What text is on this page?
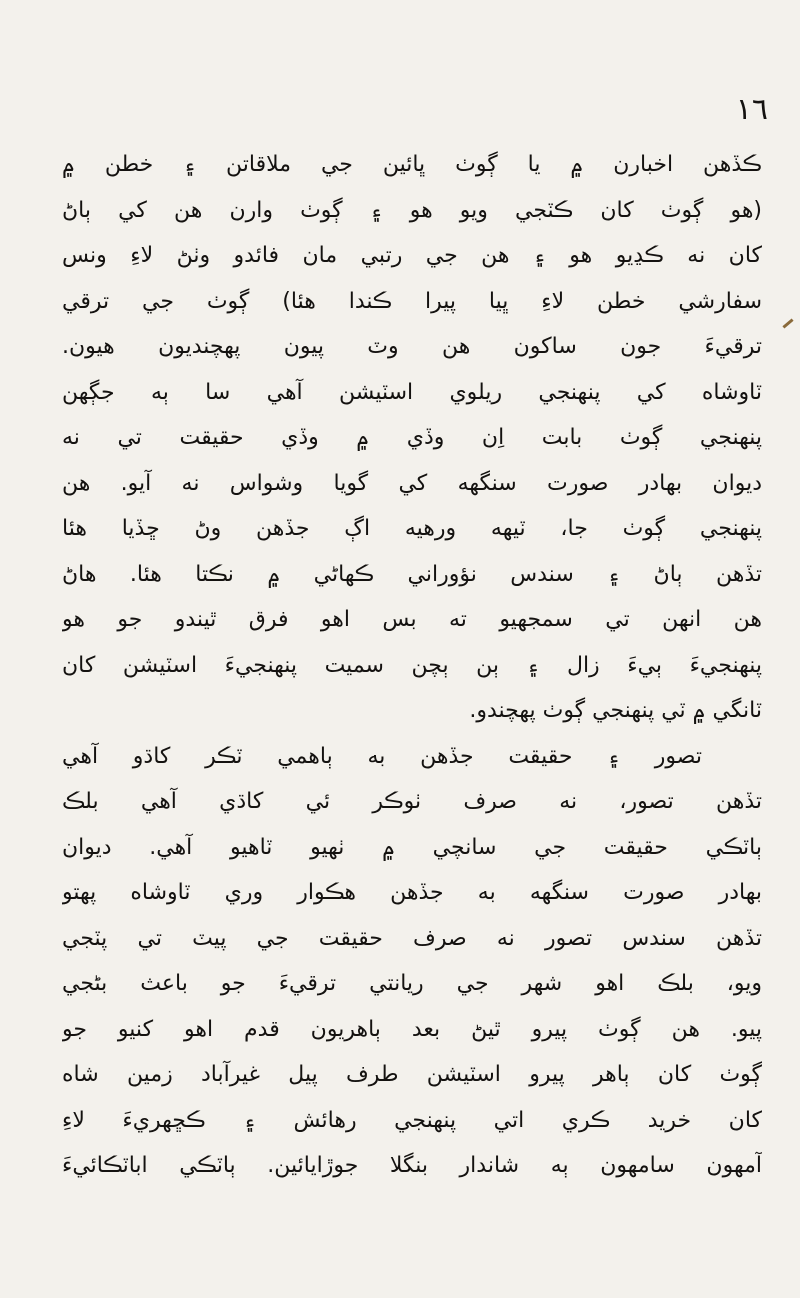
١٦
ڪڏهن اخبارن ۾ يا ڳوٺ ڀائين جي ملاقاتن ۽ خطن ۾
(هو ڳوٺ کان ڪٽجي ويو هو ۽ ڳوٺ وارن هن کي ٻاڻ
کان نه ڪڍيو هو ۽ هن جي رتبي مان فائدو وٺڻ لاءِ ونس
سفارشي خطن لاءِ ڀيا پيرا ڪندا هئا) ڳوٺ جي ترقي
ترقيءَ جون ساکون هن وٽ پيون پهچنديون هيون.
ٽاوشاه کي پنهنجي ريلوي اسٽيشن آهي سا ٻه جڳهن
پنهنجي ڳوٺ بابت اِن وڏي ۾ وڏي حقيقت تي نه
ديوان بهادر صورت سنگهه کي گويا وشواس نه آيو. هن
پنهنجي ڳوٺ جا، ٽيهه ورهيه اڳ جڏهن وڻ ڇڏيا هئا
تڏهن ٻاڻ ۽ سندس نؤوراني ڪهاڻي ۾ نڪتا هئا. هاڻ
هن انهن تي سمجهيو ته بس اهو فرق ٿيندو جو هو
پنهنجيءَ ٻيءَ زال ۽ ٻن ٻچن سميت پنهنجيءَ اسٽيشن کان
ٽانگي ۾ ٽي پنهنجي ڳوٺ پهچندو.
تصور ۽ حقيقت جڏهن به ٻاهمي ٽڪر کاڌو آهي
تڏهن تصور، نه صرف ٺوڪر ئي کاڌي آهي بلڪ
ٻاٽڪي حقيقت جي سانچي ۾ ٺهيو ٽاهيو آهي. ديوان
بهادر صورت سنگهه به جڏهن هڪوار وري ٽاوشاه پهتو
تڏهن سندس تصور نه صرف حقيقت جي پيٽ تي پٽجي
ويو، بلڪ اهو شهر جي ريانتي ترقيءَ جو باعث بڻجي
پيو. هن ڳوٺ پيرو ٿيڻ بعد ٻاهريون قدم اهو کنيو جو
ڳوٺ کان ٻاهر پيرو اسٽيشن طرف پيل غيرآباد زمين شاه
کان خريد ڪري اتي پنهنجي رهائش ۽ ڪڇهريءَ لاءِ
آمهون سامهون ٻه شاندار بنگلا جوڙايائين. ٻاٽڪي اباٽڪائيءَ
